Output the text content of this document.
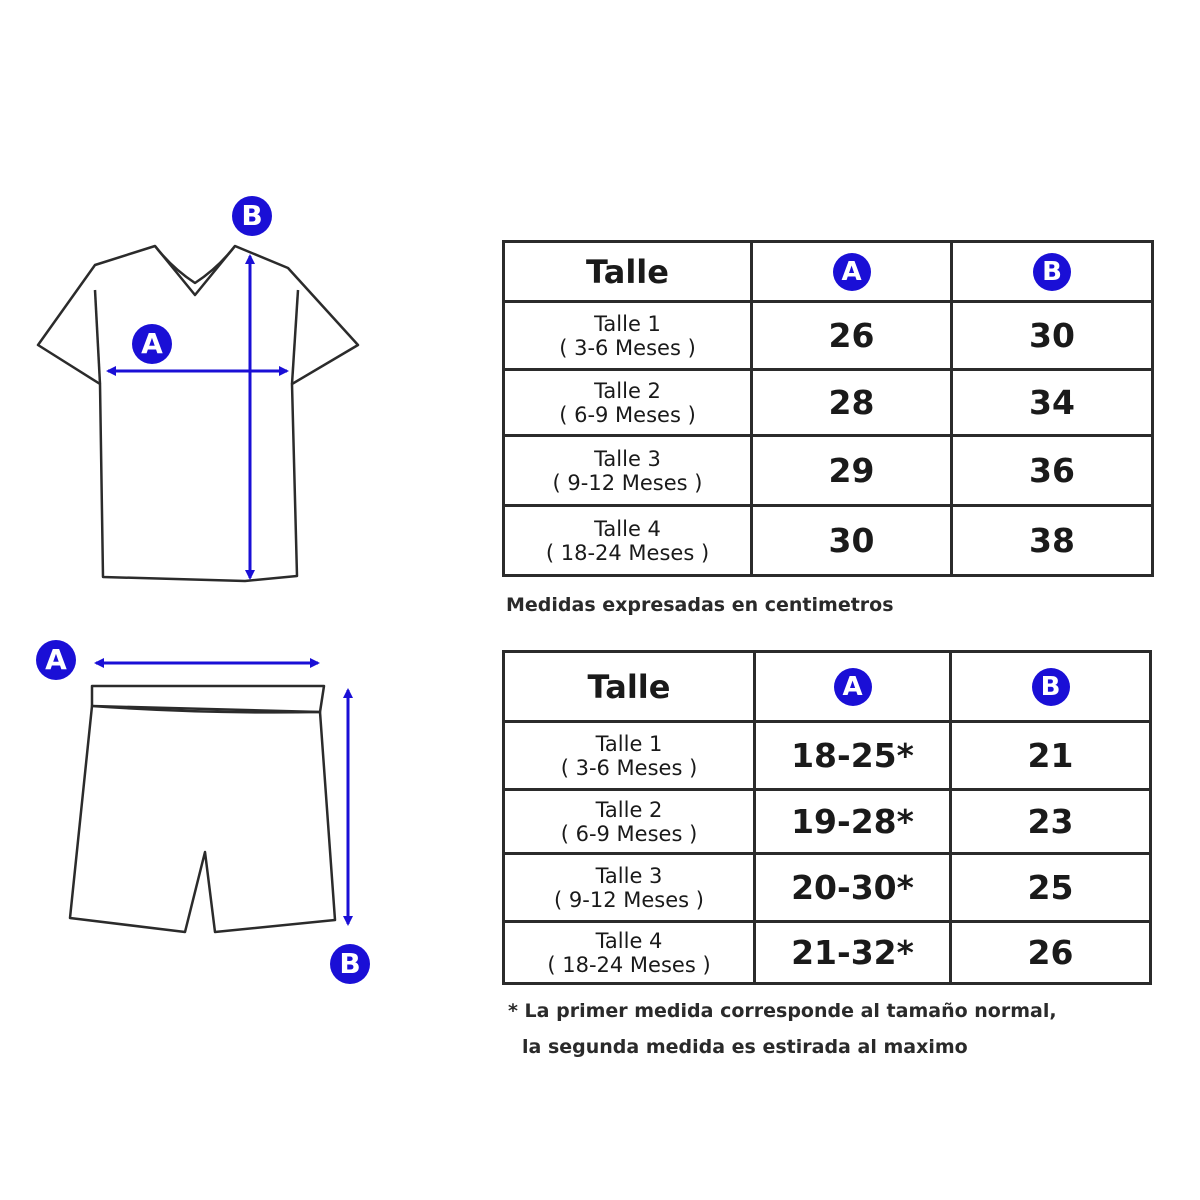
B
A
A
B
Talle	A	B

Talle 1
( 3-6 Meses )	26	30

Talle 2
( 6-9 Meses )	28	34

Talle 3
( 9-12 Meses )	29	36

Talle 4
( 18-24 Meses )	30	38
Medidas expresadas en centimetros
Talle	A	B

Talle 1
( 3-6 Meses )	18-25*	21

Talle 2
( 6-9 Meses )	19-28*	23

Talle 3
( 9-12 Meses )	20-30*	25

Talle 4
( 18-24 Meses )	21-32*	26
* La primer medida corresponde al tamaño normal,
la segunda medida es estirada al maximo
